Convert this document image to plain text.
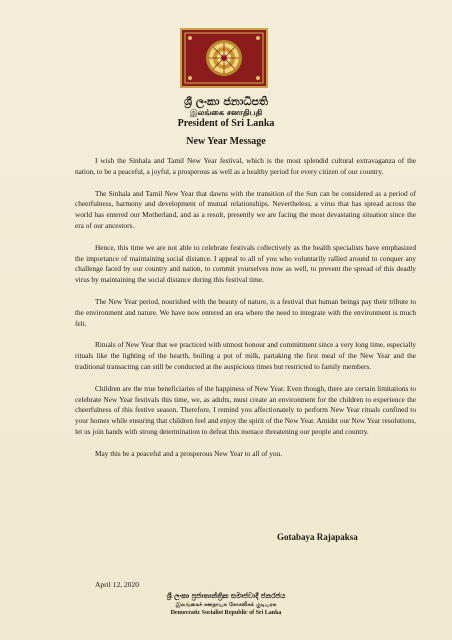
ශ්‍රී ලංකා ජනාධිපති
இலங்கை சனாதிபதி
President of Sri Lanka
New Year Message

I wish the Sinhala and Tamil New Year festival, which is the most splendid cultural extravaganza of the nation, to be a peaceful, a joyful, a prosperous as well as a healthy period for every citizen of our country.

The Sinhala and Tamil New Year that dawns with the transition of the Sun can be considered as a period of cheerfulness, harmony and development of mutual relationships. Nevertheless, a virus that has spread across the world has entered our Motherland, and as a result, presently we are facing the most devastating situation since the era of our ancestors.

Hence, this time we are not able to celebrate festivals collectively as the health specialists have emphasized the importance of maintaining social distance. I appeal to all of you who voluntarily rallied around to conquer any challenge faced by our country and nation, to commit yourselves now as well, to prevent the spread of this deadly virus by maintaining the social distance during this festival time.

The New Year period, nourished with the beauty of nature, is a festival that human beings pay their tribute to the environment and nature. We have now entered an era where the need to integrate with the environment is much felt.

Rituals of New Year that we practiced with utmost honour and commitment since a very long time, especially rituals like the lighting of the hearth, boiling a pot of milk, partaking the first meal of the New Year and the traditional transacting can still be conducted at the auspicious times but restricted to family members.

Children are the true beneficiaries of the happiness of New Year. Even though, there are certain limitations to celebrate New Year festivals this time, we, as adults, must create an environment for the children to experience the cheerfulness of this festive season. Therefore, I remind you affectionately to perform New Year rituals confined to your homes while ensuring that children feel and enjoy the spirit of the New Year. Amidst our New Year resolutions, let us join hands with strong determination to defeat this menace threatening our people and country.

May this be a peaceful and a prosperous New Year to all of you.

Gotabaya Rajapaksa
April 12, 2020
ශ්‍රී ලංකා ප්‍රජාතාන්ත්‍රික සමාජවාදී ජනරජය
இலங்கைச் சனநாயக சோசலிசக் குடியரசு
Democratic Socialist Republic of Sri Lanka
